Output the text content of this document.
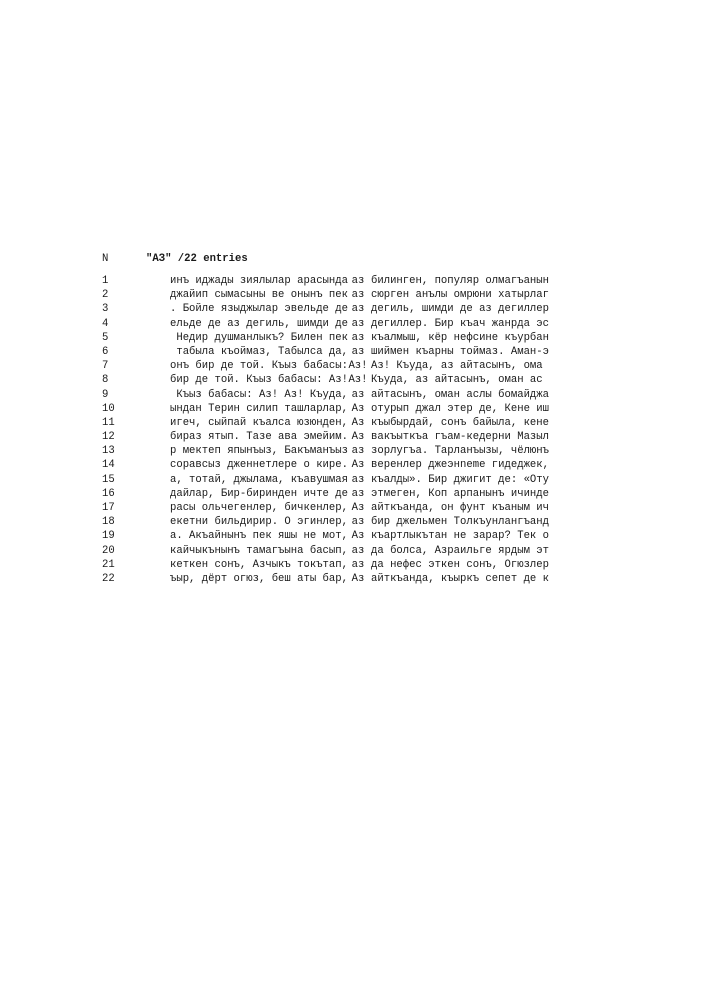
N	"АЗ" /22 entries
1	инъ иджады зиялылар арасында аз билинген, популяр олмагъанын
2	джайип сымасыны ве онынъ пек аз сюрген анълы омрюни хатырлаг
3	. Бойле языджылар эвельде де аз дегиль, шимди де аз дегиллер
4	ельде де аз дегиль, шимди де аз дегиллер. Бир къач жанрда эс
5	Недир душманлыкъ? Билен пек аз къалмыш, кёр нефсине къурбан
6	табыла къоймаз, Табылса да, аз шиймен къарны тоймаз. Аман-э
7	онъ бир де той. Къыз бабасы: Аз! Аз! Къуда, аз айтасынъ, ома
8	бир де той. Къыз бабасы: Аз! Аз! Къуда, аз айтасынъ, оман ас
9	Къыз бабасы: Аз! Аз! Къуда, аз айтасынъ, оман аслы бомайджа
10	ындан Терин силип ташларлар, Аз отурып джал этер де, Кене иш
11	игеч, сыйпай къалса юзюнден, Аз къыбырдай, сонъ байыла, кене
12	бираз ятып. Тазе ава эмейим. Аз вакъыткъа гъам-кедерни Мазыл
13	р мектеп япынъыз, Бакъманъыз аз зорлугъа. Тарланъызы, чёлюнъ
14	соравсыз дженнетлере о кире. Аз веренлер джеэнneme гидеджек,
15	а, тотай, джылама, къавушмая аз къалды». Бир джигит де: «Оту
16	дайлар, Бир-биринден ичте де аз этмеген, Коп арпанынъ ичинде
17	расы ольчегенлер, бичкенлер, Аз айткъанда, он фунт къаным ич
18	екетни бильдирир. О эгинлер, аз бир джельмен Толкъунлангъанд
19	а. Акъайнынъ пек яшы не мот, Аз къартлыкътан не зарар? Тек о
20	кайчыкънынъ тамагъына басып, аз да болса, Азраильге ярдым эт
21	кеткен сонъ, Азчыкъ токътап, аз да нефес эткен сонъ, Огюзлер
22	ъыр, дёрт огюз, беш аты бар, Аз айткъанда, къыркъ сепет де к
